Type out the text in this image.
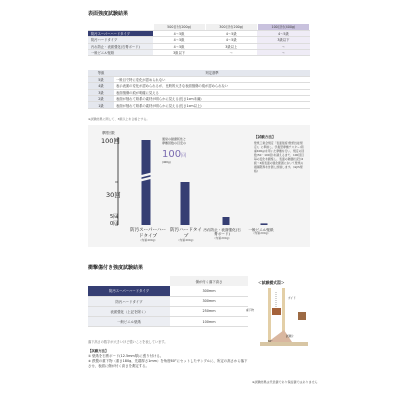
表面強度試験結果
	500目付(200g)	300目付(200g)	100目付(400g)
防汚スーパーハードタイプ	4〜5級	4〜5級	4〜5級
防汚ハードタイプ	4〜5級	4〜5級	3級以下
汚れ防止・表面強化(石膏ボード)	4〜5級	3級以上	〜
一般ビニル壁紙	3級以下	〜	〜
等級	判定基準
5級	一般目で特に変化が認められない
4級	表示表面の変化が認められるが、比較的大きな表面損傷の痕が認められない
3級	表面損傷の痕が明確に見える
2級	表面が削れて紙系の素材が明らかに見える(長さ1cm未満)
1級	表面が削れて紙系の素材が明らかに見える(長さ1cm以上)
※試験結果に関して、3級以上を合格とする。
摩擦回数
100回
30回
5回
0回
防汚スーパーハードタイプ
(布重400g)
防汚ハードタイプ
(布重400g)
汚れ防止・表面強化(石膏ボード)
(布重200g)
一般ビニル壁紙
(布重200g)
通常の耐磨耗性と
摩擦回数の目安の
100回
(400g)
【試験方法】
壁紙工業会規定「表面強度(壁紙性能規定)」に準拠し、学振型摩擦テスター(荷重400g)を用いた摩擦を行い、規定の回数(50・100回)を越えるまで、100回目毎の変化を観察し、表面の破損状況が2級〜4級表面の強化範囲において壁紙の損傷限界を計測し評価します。(※JIS規格)
衝撃傷付き強度試験結果
	傷が付く落下高さ
防汚スーパーハードタイプ	300mm
防汚ハードタイプ	300mm
表面強化（上記を除く）	250mm
一般ビニル壁紙	100mm
落下高さの数字が大きいほど強いことを表しています。
【試験方法】
① 壁紙を石膏ボード(12.5mm厚)に張り付ける。
② 鉄製の重下物（重さ180g、先端厚さ1mm）を角度60°にセットしたサンプルに、所定の高さから落下させ、表面に傷が付く高さを測定する。
＜試験模式図＞
重下物
試験片
ガイド
60°
※試験結果は代表値であり保証値ではありません
